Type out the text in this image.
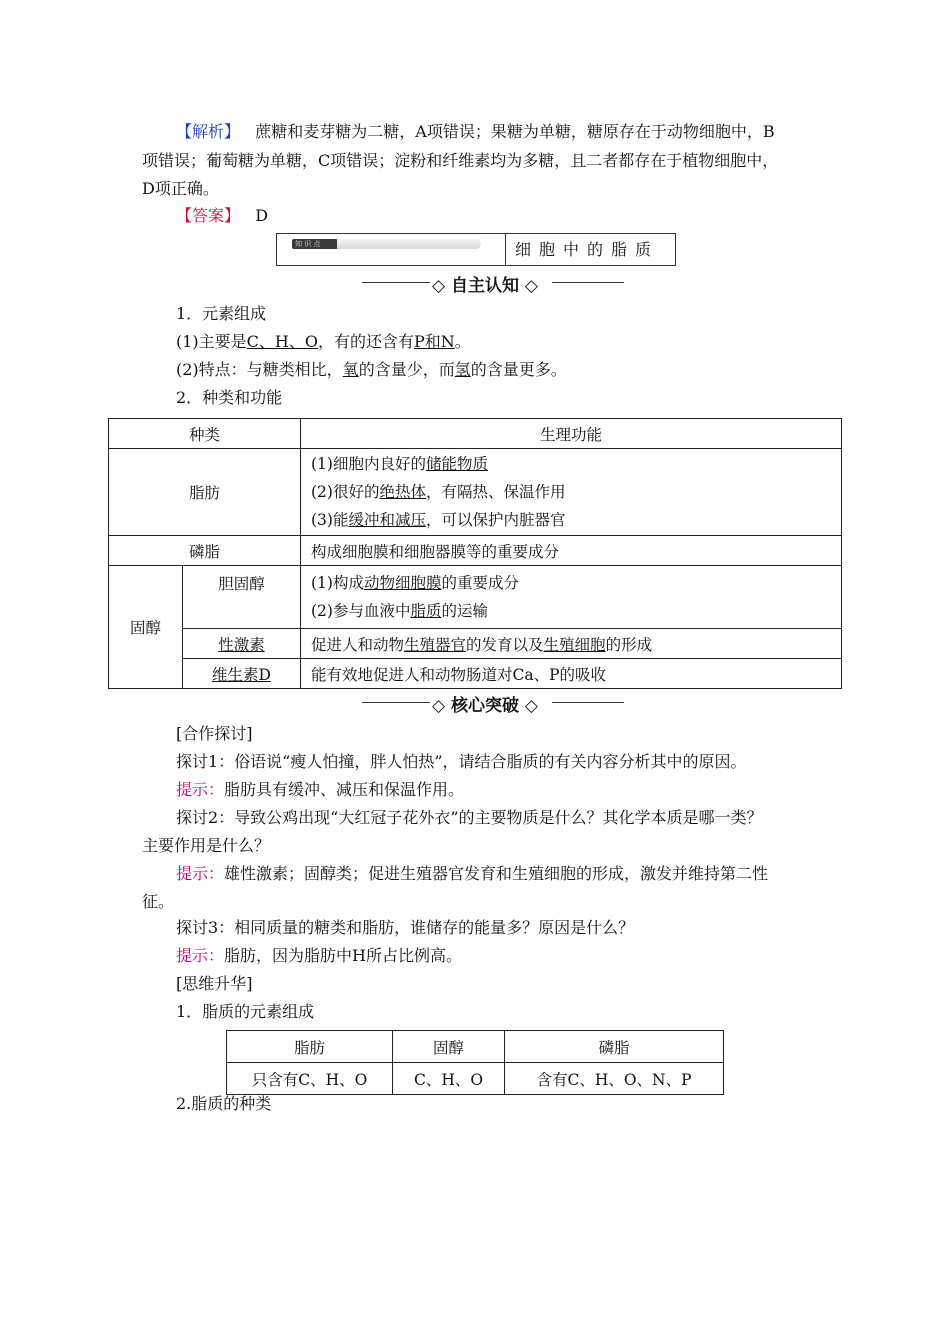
【解析】 蔗糖和麦芽糖为二糖，A项错误；果糖为单糖，糖原存在于动物细胞中，B
项错误；葡萄糖为单糖，C项错误；淀粉和纤维素均为多糖，且二者都存在于植物细胞中，
D项正确。
【答案】 D
知 识 点	细胞中的脂质
◇ 自主认知 ◇
1．元素组成
(1)主要是C、H、O，有的还含有P和N。
(2)特点：与糖类相比，氧的含量少，而氢的含量更多。
2．种类和功能
种类		生理功能
脂肪		(1)细胞内良好的储能物质
(2)很好的绝热体，有隔热、保温作用
(3)能缓冲和减压，可以保护内脏器官

磷脂		构成细胞膜和细胞器膜等的重要成分
固醇	胆固醇	(1)构成动物细胞膜的重要成分
(2)参与血液中脂质的运输

	性激素	促进人和动物生殖器官的发育以及生殖细胞的形成
	维生素D	能有效地促进人和动物肠道对Ca、P的吸收
◇ 核心突破 ◇
[合作探讨]
探讨1：俗语说“瘦人怕撞，胖人怕热”，请结合脂质的有关内容分析其中的原因。
提示：脂肪具有缓冲、减压和保温作用。
探讨2：导致公鸡出现“大红冠子花外衣”的主要物质是什么？其化学本质是哪一类？
主要作用是什么？
提示：雄性激素；固醇类；促进生殖器官发育和生殖细胞的形成，激发并维持第二性
征。
探讨3：相同质量的糖类和脂肪，谁储存的能量多？原因是什么？
提示：脂肪，因为脂肪中H所占比例高。
[思维升华]
1．脂质的元素组成
脂肪	固醇	磷脂
只含有C、H、O	C、H、O	含有C、H、O、N、P
2.脂质的种类
